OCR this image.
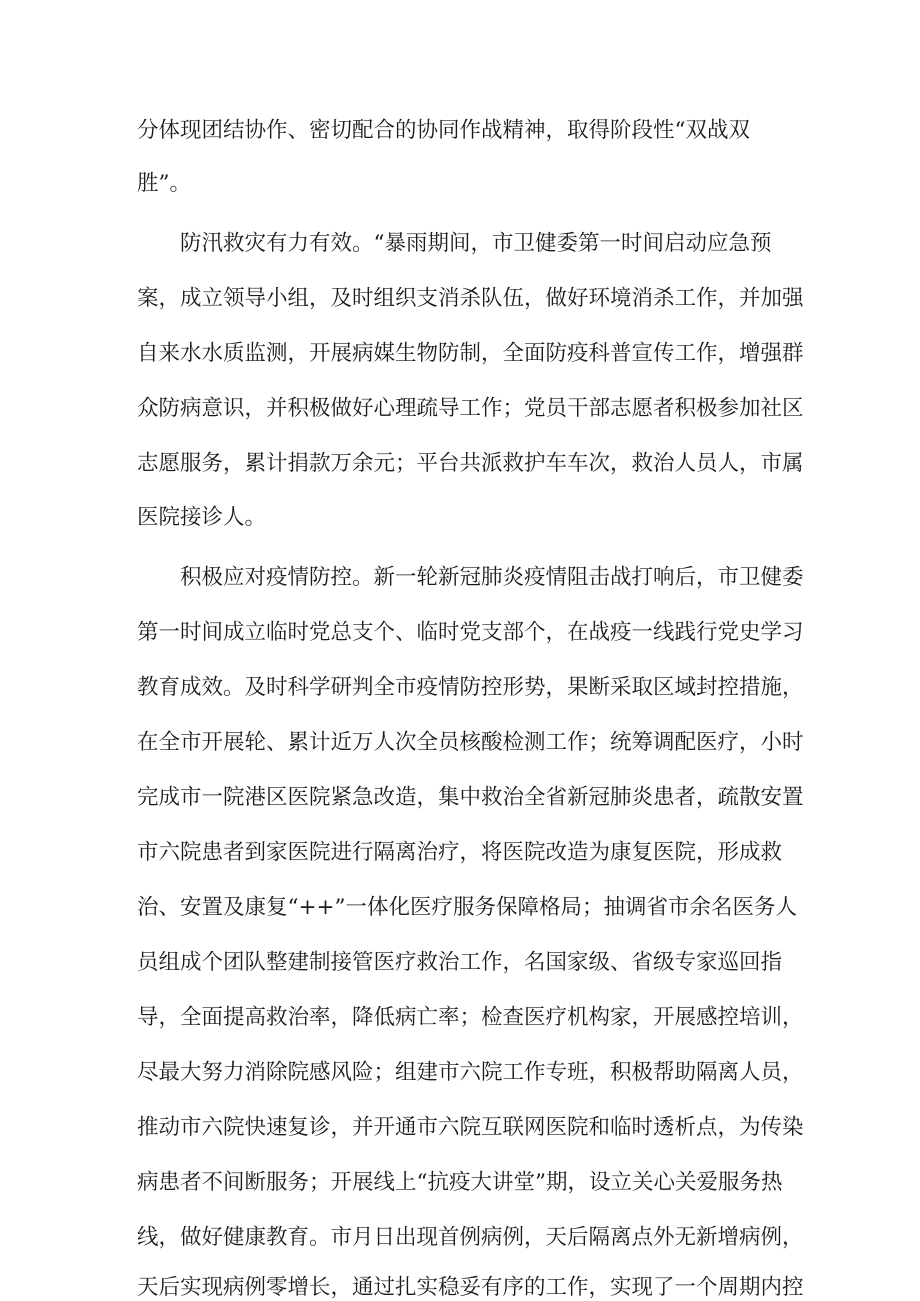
分体现团结协作、密切配合的协同作战精神，取得阶段性“双战双
胜”。
防汛救灾有力有效。“暴雨期间，市卫健委第一时间启动应急预
案，成立领导小组，及时组织支消杀队伍，做好环境消杀工作，并加强
自来水水质监测，开展病媒生物防制，全面防疫科普宣传工作，增强群
众防病意识，并积极做好心理疏导工作；党员干部志愿者积极参加社区
志愿服务，累计捐款万余元；平台共派救护车车次，救治人员人，市属
医院接诊人。
积极应对疫情防控。新一轮新冠肺炎疫情阻击战打响后，市卫健委
第一时间成立临时党总支个、临时党支部个，在战疫一线践行党史学习
教育成效。及时科学研判全市疫情防控形势，果断采取区域封控措施，
在全市开展轮、累计近万人次全员核酸检测工作；统筹调配医疗，小时
完成市一院港区医院紧急改造，集中救治全省新冠肺炎患者，疏散安置
市六院患者到家医院进行隔离治疗，将医院改造为康复医院，形成救
治、安置及康复“++”一体化医疗服务保障格局；抽调省市余名医务人
员组成个团队整建制接管医疗救治工作，名国家级、省级专家巡回指
导，全面提高救治率，降低病亡率；检查医疗机构家，开展感控培训，
尽最大努力消除院感风险；组建市六院工作专班，积极帮助隔离人员，
推动市六院快速复诊，并开通市六院互联网医院和临时透析点，为传染
病患者不间断服务；开展线上“抗疫大讲堂”期，设立关心关爱服务热
线，做好健康教育。市月日出现首例病例，天后隔离点外无新增病例，
天后实现病例零增长，通过扎实稳妥有序的工作，实现了一个周期内控
